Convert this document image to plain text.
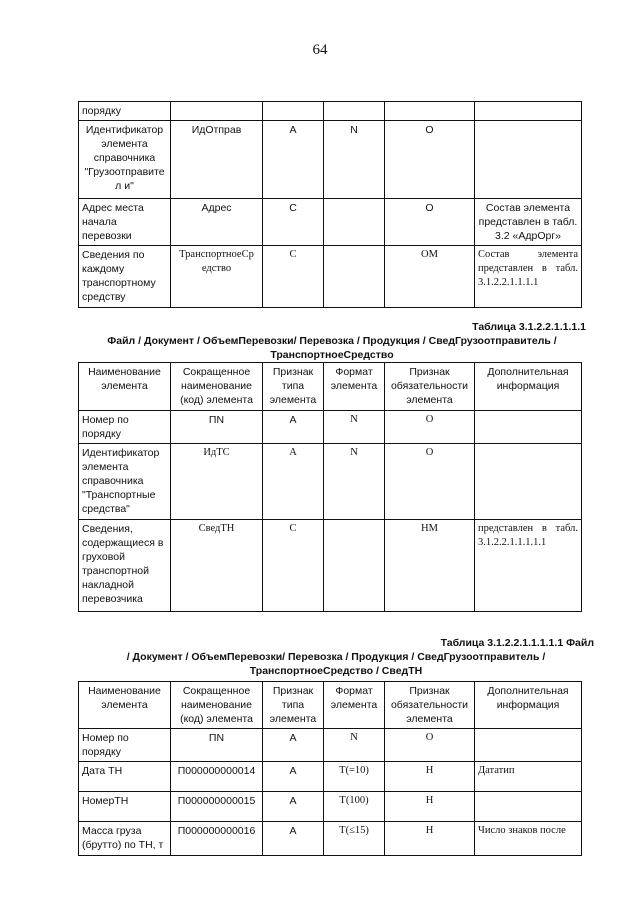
64
порядку					
Идентификатор элемента справочника "Грузоотправител и"	ИдОтправ	А	N	О	
Адрес места начала перевозки	Адрес	С		О	Состав элемента представлен в табл. 3.2 «АдрОрг»
Сведения по каждому транспортному средству	ТранспортноеСр едство	С		ОМ	Состав элемента представлен в табл. 3.1.2.2.1.1.1.1
Таблица 3.1.2.2.1.1.1.1
Файл / Документ / ОбъемПеревозки/ Перевозка / Продукция / СведГрузоотправитель /
ТранспортноеСредство
Наименование элемента	Сокращенное наименование (код) элемента	Признак типа элемента	Формат элемента	Признак обязательности элемента	Дополнительная информация
Номер по порядку	ПN	А	N	О	
Идентификатор элемента справочника "Транспортные средства"	ИдТС	А	N	О	
Сведения, содержащиеся в груховой транспортной накладной перевозчика	СведТН	С		НМ	представлен в табл. 3.1.2.2.1.1.1.1.1
Таблица 3.1.2.2.1.1.1.1.1 Файл
/ Документ / ОбъемПеревозки/ Перевозка / Продукция / СведГрузоотправитель /
ТранспортноеСредство / СведТН
Наименование элемента	Сокращенное наименование (код) элемента	Признак типа элемента	Формат элемента	Признак обязательности элемента	Дополнительная информация
Номер по порядку	ПN	А	N	О	
Дата ТН	П000000000014	А	Т(=10)	Н	Дататип
НомерТН	П000000000015	А	Т(100)	Н	
Масса груза (брутто) по ТН, т	П000000000016	А	Т(≤15)	Н	Число знаков после
